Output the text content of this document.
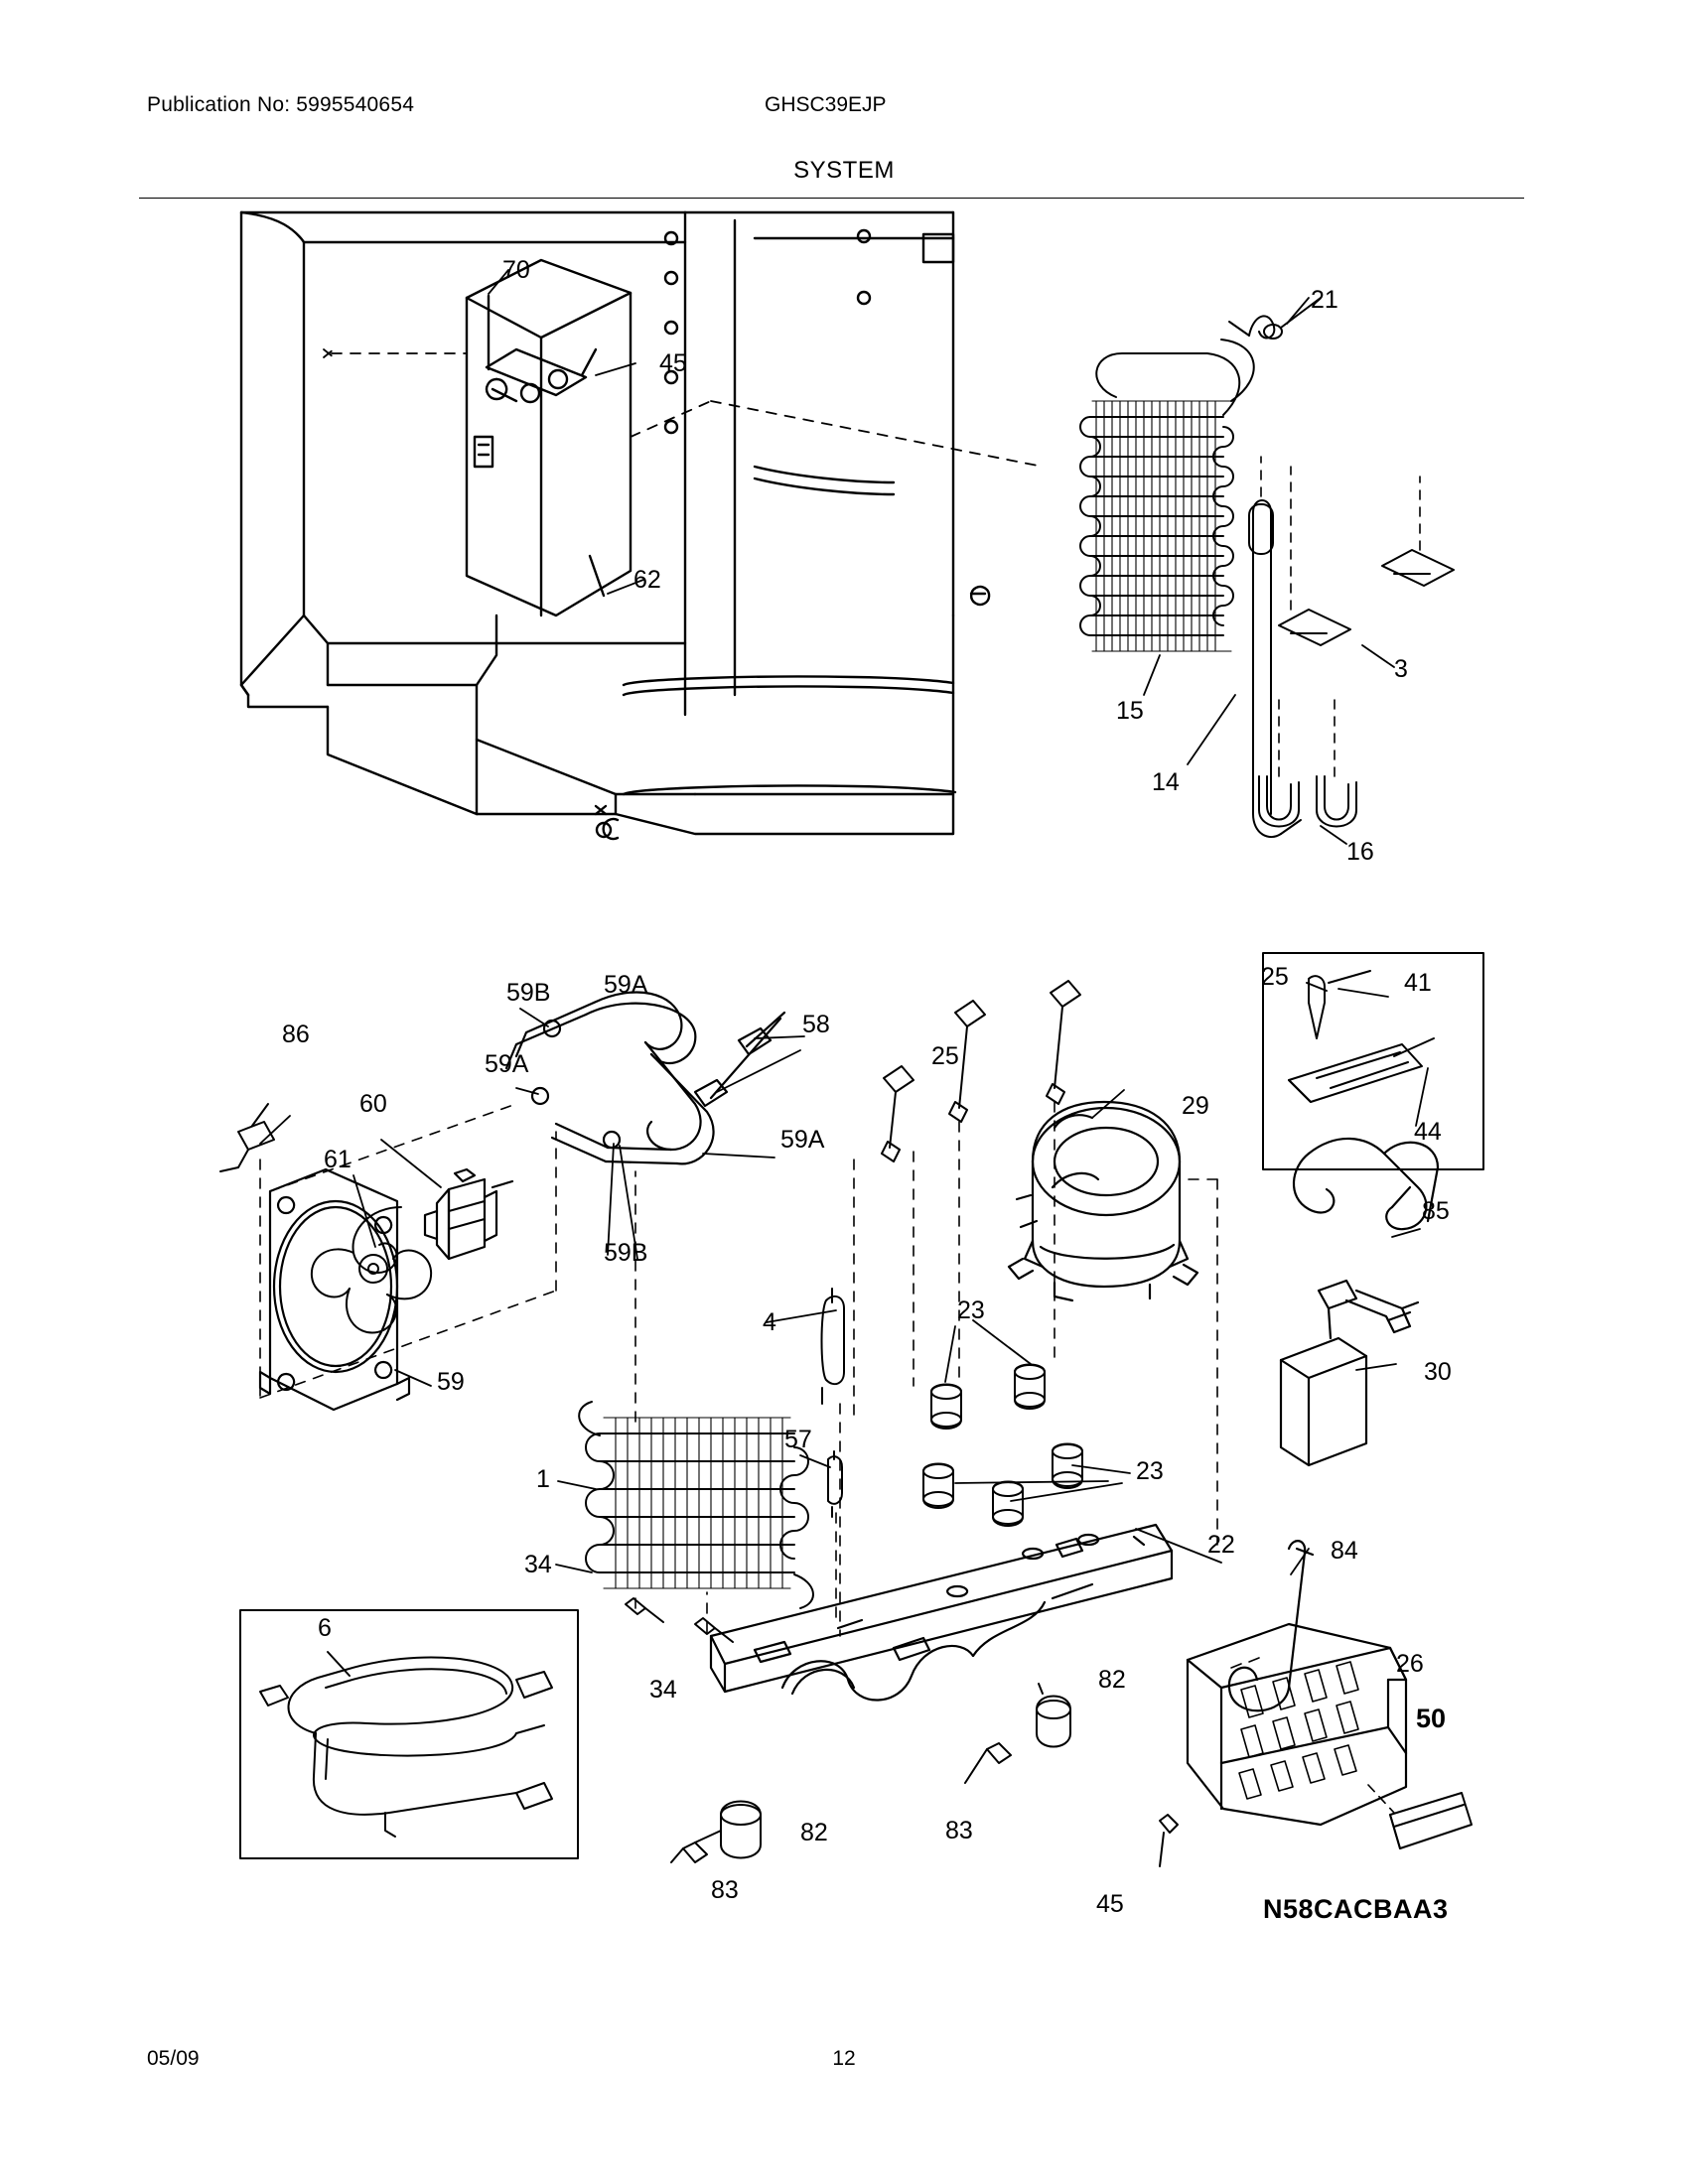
Publication No: 5995540654	GHSC39EJP
SYSTEM
70
45
62
21
15
14
3
16
86
60
61
59
59B 59A
59A
59A
59B
58
4
57
1
34
34
25
25
29
23
23
22
82
82	83
83	45
84
26
50
30
85
41
44
6
N58CACBAA3
05/09	12
